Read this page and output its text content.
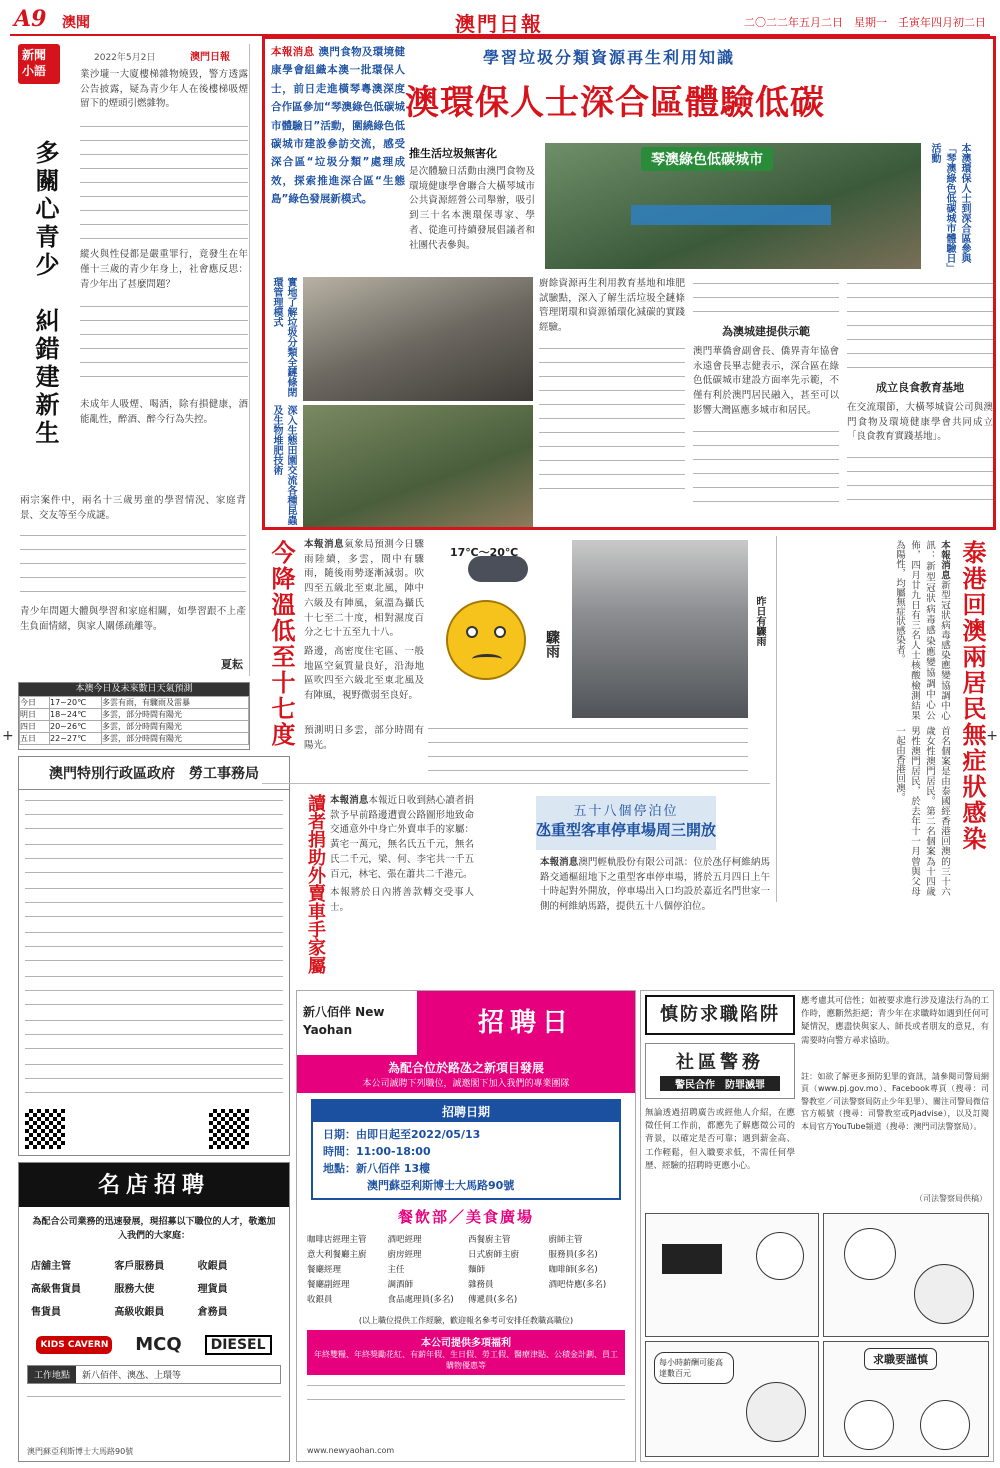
A9 澳聞	澳門日報	二〇二二年五月二日　星期一　壬寅年四月初二日
新聞小語
2022年5月2日	澳門日報
多關心青少　糾錯建新生

業沙壠一大廈樓梯雜物燒毀，警方透露公告披露，疑為青少年人在後樓梯吸煙留下的煙頭引燃雜物。

縱火與性侵都是嚴重罪行，竟發生在年僅十三歲的青少年身上，社會應反思：青少年出了甚麼問題？

未成年人吸煙、喝酒，除有損健康，酒能亂性，醉酒、醉今行為失控。

兩宗案件中，兩名十三歲男童的學習情況、家庭背景、交友等至今成謎。

青少年問題大體與學習和家庭相關，如學習跟不上產生負面情緒，與家人關係疏離等。

夏耘
本澳今日及未來數日天氣預測
今日	17~20℃	多雲有雨，有驟雨及雷暴
明日	18~24℃	多雲，部分時間有陽光
四日	20~26℃	多雲，部分時間有陽光
五日	22~27℃	多雲，部分時間有陽光
澳門特別行政區政府　勞工事務局
名店招聘
為配合公司業務的迅速發展，現招募以下職位的人才，敬邀加入我們的大家庭：
店舖主管	客戶服務員	收銀員
高級售貨員	服務大使	理貨員
售貨員	高級收銀員	倉務員
KIDS CAVERN MCQ	DIESEL
工作地點	新八佰伴、澳氹、上環等
澳門蘇亞利斯博士大馬路90號

本報消息 澳門食物及環境健康學會組織本澳一批環保人士，前日走進橫琴粵澳深度合作區參加“琴澳綠色低碳城市體驗日”活動，圍繞綠色低碳城市建設參訪交流，感受深合區“垃圾分類”處理成效，探索推進深合區“生態島”綠色發展新模式。

學習垃圾分類資源再生利用知識
澳環保人士深合區體驗低碳
推生活垃圾無害化
是次體驗日活動由澳門食物及環境健康學會聯合大橫琴城市公共資源經營公司舉辦，吸引到三十名本澳環保專家、學者、從進可持續發展倡議者和社團代表參與。
琴澳綠色低碳城市	本澳環保人士到深合區參與「琴澳綠色低碳城市體驗日」活動
實地了解垃圾分類全鏈條閉環管理模式
深入生態田園交流各種昆蟲及生物堆肥技術

廚餘資源再生利用教育基地和堆肥試驗點，深入了解生活垃圾全鏈條管理閉環和資源循環化減碳的實踐經驗。	為澳城建提供示範

澳門華僑會副會長、僑界青年協會永遠會長畢志健表示，深合區在綠色低碳城市建設方面率先示範，不僅有利於澳門居民融入，甚至可以影響大灣區應多城市和居民。

成立良食教育基地

在交流環節，大橫琴城資公司與澳門食物及環境健康學會共同成立「良食教育實踐基地」。

今降溫低至十七度 本報消息氣象局預測今日驟雨陸續，多雲，間中有驟雨，隨後雨勢逐漸減弱。吹四至五級北至東北風，陣中六級及有陣風，氣溫為攝氏十七至二十度，相對濕度百分之七十五至九十八。

路邊，高密度住宅區、一般地區空氣質量良好，沿海地區吹四至六級北至東北風及有陣風，視野微弱至良好。

17℃～20℃
驟雨	昨日有驟雨

預測明日多雲，部分時間有陽光。	泰港回澳兩居民無症狀感染
本報消息新型冠狀病毒感染應變協調中心訊：新型冠狀病毒感染應變協調中心公佈，四月廿九日有三名人士核酸檢測結果為陽性，均屬無症狀感染者。
首名個案是由泰國經香港回澳的三十六歲女性澳門居民。第二名個案為十四歲男性澳門居民，於去年十一月曾與父母一起由香港回澳。
讀者捐助外賣車手家屬 本報消息本報近日收到熱心讀者捐款予早前路邊遭賣公路圖形地致命交通意外中身亡外賣車手的家屬：黃宅一萬元，無名氏五千元，無名氏二千元，梁、何、李宅共一千五百元，林宅、張在蕭共二千港元。

本報將於日內將善款轉交受事人士。

五十八個停泊位
氹重型客車停車場周三開放

本報消息澳門輕軌股份有限公司訊：位於氹仔柯維納馬路交通樞紐地下之重型客車停車場，將於五月四日上午十時起對外開放，停車場出入口均設於嘉近名門世家一側的柯維納馬路，提供五十八個停泊位。

新八佰伴 New Yaohan	招聘日
為配合位於路氹之新項目發展
本公司誠聘下列職位，誠邀閣下加入我們的專業團隊
招聘日期
日期：由即日起至2022/05/13
時間：11:00-18:00
地點：新八佰伴 13樓
澳門蘇亞利斯博士大馬路90號
餐飲部／美食廣場
咖啡店經理主管	酒吧經理	西餐廚主管	廚師主管
意大利餐廳主廚	廚房經理	日式廚師主廚	服務員(多名)
餐廳經理	主任	麵師	咖啡師(多名)
餐廳副經理	調酒師	雜務員	酒吧侍應(多名)
收銀員	食品處理員(多名)	傳遞員(多名)
(以上職位提供工作經驗，歡迎報名參考可安排任教職高職位)
本公司提供多項福利
年終雙糧、年終獎勵花紅、有薪年假、生日假、勞工假、醫療津貼、公積金計劃、員工購物優惠等
www.newyaohan.com
慎防求職陷阱
社區警務
警民合作　防罪滅罪

無論透過招聘廣告或經他人介紹，在應徵任何工作前，都應先了解應徵公司的背景，以確定是否可靠；遇到薪金高、工作輕鬆，但入職要求低，不需任何學歷、經驗的招聘時更應小心。

應考慮其可信性；如被要求進行涉及違法行為的工作時，應斷然拒絕；青少年在求職時如遇到任何可疑情況，應盡快與家人、師長或者朋友的意見，有需要時向警方尋求協助。

註：如欲了解更多預防犯罪的資訊，請參閱司警局網頁（www.pj.gov.mo）、Facebook專頁（搜尋：司警教室／司法警察局防止少年犯罪）、關注司警局微信官方帳號（搜尋：司警教室或Pjadvise），以及訂閱本局官方YouTube頻道（搜尋：澳門司法警察局）。

（司法警察局供稿）
每小時薪酬可能高達數百元
求職要謹慎
+	+
